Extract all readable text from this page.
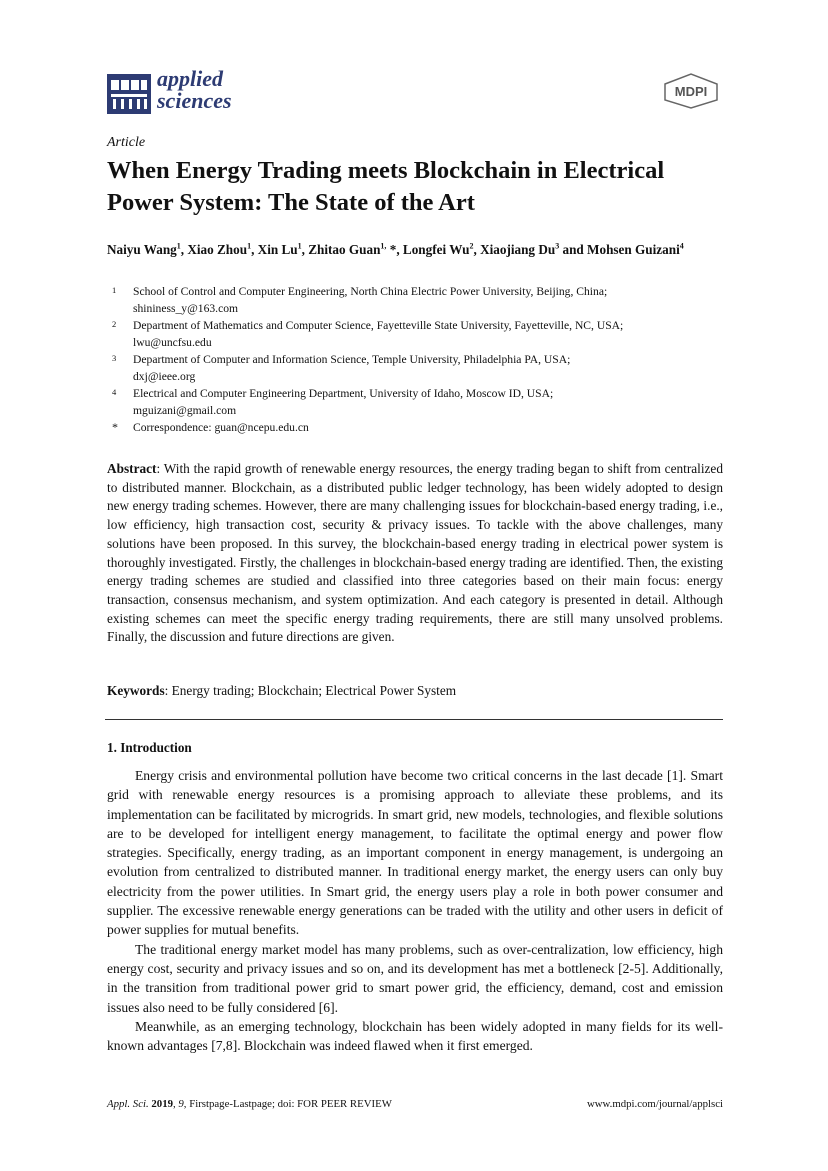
applied
sciences	MDPI
Article
When Energy Trading meets Blockchain in Electrical Power System: The State of the Art
Naiyu Wang$^1$, Xiao Zhou$^1$, Xin Lu$^1$, Zhitao Guan$^{1,}$ *, Longfei Wu$^2$, Xiaojiang Du$^3$ and Mohsen Guizani$^4$
1 School of Control and Computer Engineering, North China Electric Power University, Beijing, China;
shininess_y@163.com
2 Department of Mathematics and Computer Science, Fayetteville State University, Fayetteville, NC, USA;
lwu@uncfsu.edu
3 Department of Computer and Information Science, Temple University, Philadelphia PA, USA;
dxj@ieee.org
4 Electrical and Computer Engineering Department, University of Idaho, Moscow ID, USA;
mguizani@gmail.com
* Correspondence: guan@ncepu.edu.cn
Abstract: With the rapid growth of renewable energy resources, the energy trading began to shift from centralized to distributed manner. Blockchain, as a distributed public ledger technology, has been widely adopted to design new energy trading schemes. However, there are many challenging issues for blockchain-based energy trading, i.e., low efficiency, high transaction cost, security & privacy issues. To tackle with the above challenges, many solutions have been proposed. In this survey, the blockchain-based energy trading in electrical power system is thoroughly investigated. Firstly, the challenges in blockchain-based energy trading are identified. Then, the existing energy trading schemes are studied and classified into three categories based on their main focus: energy transaction, consensus mechanism, and system optimization. And each category is presented in detail. Although existing schemes can meet the specific energy trading requirements, there are still many unsolved problems. Finally, the discussion and future directions are given.
Keywords: Energy trading; Blockchain; Electrical Power System
1. Introduction

Energy crisis and environmental pollution have become two critical concerns in the last decade [1]. Smart grid with renewable energy resources is a promising approach to alleviate these problems, and its implementation can be facilitated by microgrids. In smart grid, new models, technologies, and flexible solutions are to be developed for intelligent energy management, to facilitate the optimal energy and power flow strategies. Specifically, energy trading, as an important component in energy management, is undergoing an evolution from centralized to distributed manner. In traditional energy market, the energy users can only buy electricity from the power utilities. In Smart grid, the energy users play a role in both power consumer and supplier. The excessive renewable energy generations can be traded with the utility and other users in deficit of power supplies for mutual benefits.

The traditional energy market model has many problems, such as over-centralization, low efficiency, high energy cost, security and privacy issues and so on, and its development has met a bottleneck [2-5]. Additionally, in the transition from traditional power grid to smart power grid, the efficiency, demand, cost and emission issues also need to be fully considered [6].

Meanwhile, as an emerging technology, blockchain has been widely adopted in many fields for its well-known advantages [7,8]. Blockchain was indeed flawed when it first emerged.

Appl. Sci. 2019, 9, Firstpage-Lastpage; doi: FOR PEER REVIEW	www.mdpi.com/journal/applsci
